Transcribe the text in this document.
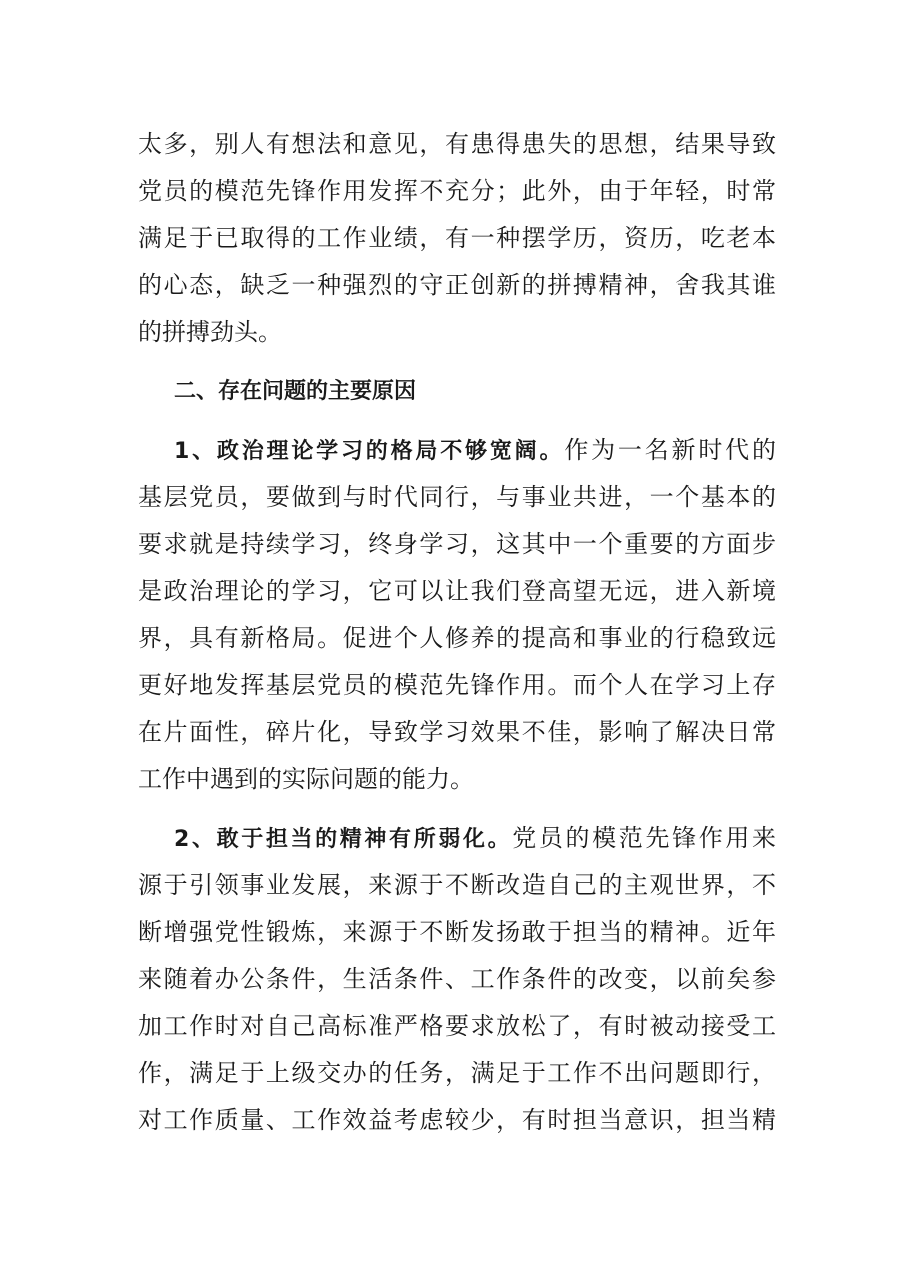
太多，别人有想法和意见，有患得患失的思想，结果导致
党员的模范先锋作用发挥不充分；此外，由于年轻，时常
满足于已取得的工作业绩，有一种摆学历，资历，吃老本
的心态，缺乏一种强烈的守正创新的拼搏精神，舍我其谁
的拼搏劲头。
二、存在问题的主要原因
1、政治理论学习的格局不够宽阔。作为一名新时代的
基层党员，要做到与时代同行，与事业共进，一个基本的
要求就是持续学习，终身学习，这其中一个重要的方面步
是政治理论的学习，它可以让我们登高望无远，进入新境
界，具有新格局。促进个人修养的提高和事业的行稳致远
更好地发挥基层党员的模范先锋作用。而个人在学习上存
在片面性，碎片化，导致学习效果不佳，影响了解决日常
工作中遇到的实际问题的能力。
2、敢于担当的精神有所弱化。党员的模范先锋作用来
源于引领事业发展，来源于不断改造自己的主观世界，不
断增强党性锻炼，来源于不断发扬敢于担当的精神。近年
来随着办公条件，生活条件、工作条件的改变，以前矣参
加工作时对自己高标准严格要求放松了，有时被动接受工
作，满足于上级交办的任务，满足于工作不出问题即行，
对工作质量、工作效益考虑较少，有时担当意识，担当精
